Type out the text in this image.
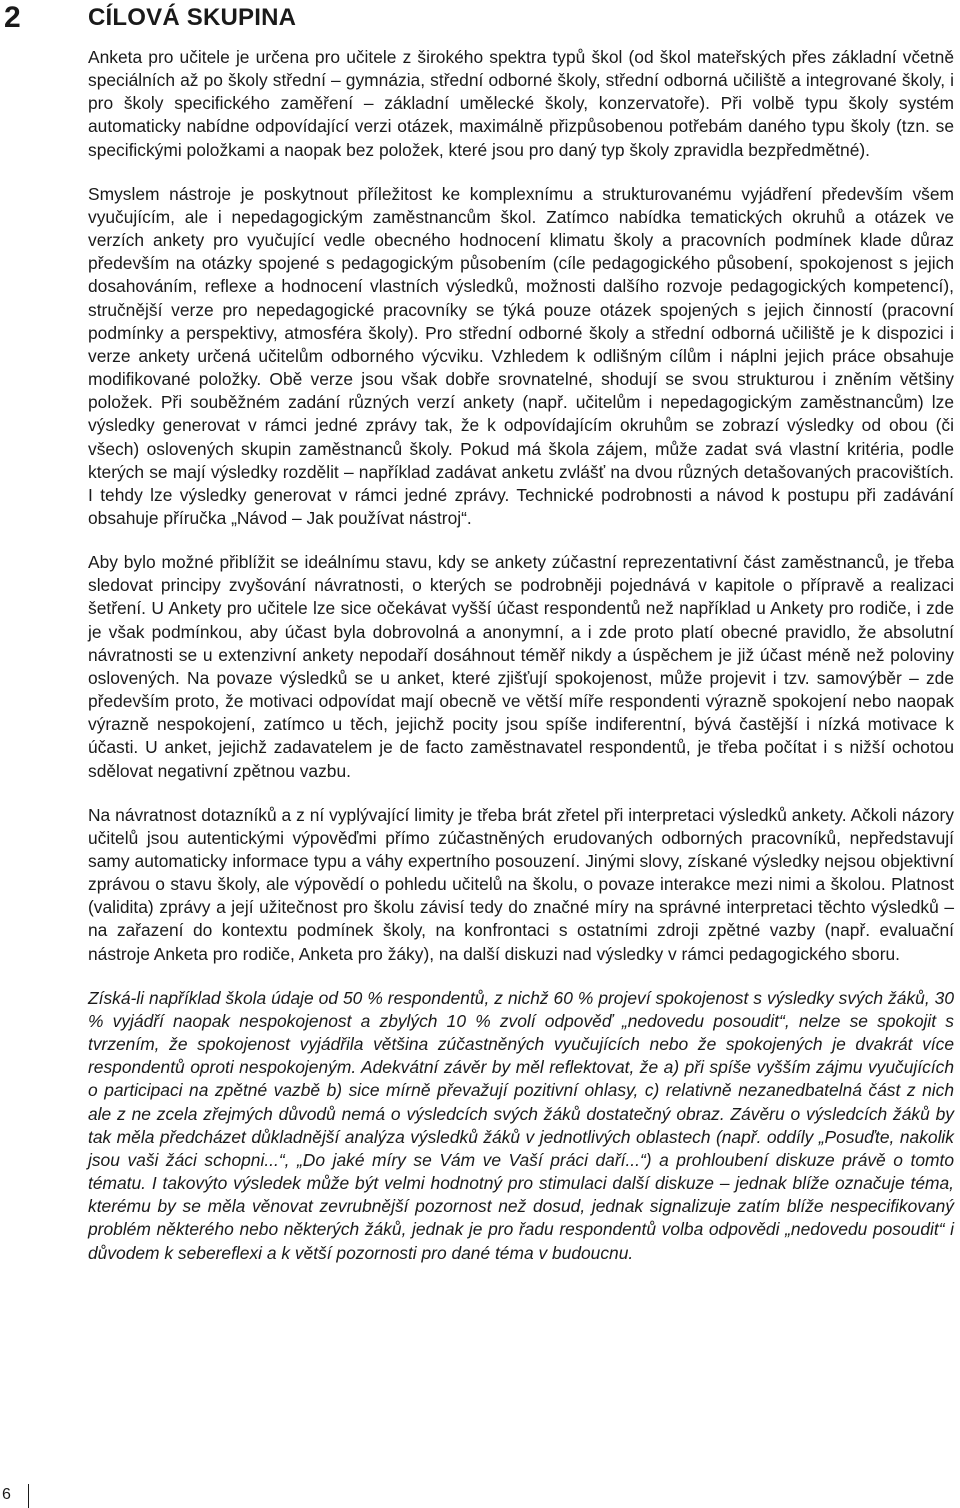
2	CÍLOVÁ SKUPINA

Anketa pro učitele je určena pro učitele z širokého spektra typů škol (od škol mateřských přes základní včetně speciálních až po školy střední – gymnázia, střední odborné školy, střední odborná učiliště a integrované školy, i pro školy specifického zaměření – základní umělecké školy, konzervatoře). Při volbě typu školy systém automaticky nabídne odpovídající verzi otázek, maximálně přizpůsobenou potřebám daného typu školy (tzn. se specifickými položkami a naopak bez položek, které jsou pro daný typ školy zpravidla bezpředmětné).

Smyslem nástroje je poskytnout příležitost ke komplexnímu a strukturovanému vyjádření především všem vyučujícím, ale i nepedagogickým zaměstnancům škol. Zatímco nabídka tematických okruhů a otázek ve verzích ankety pro vyučující vedle obecného hodnocení klimatu školy a pracovních podmínek klade důraz především na otázky spojené s pedagogickým působením (cíle pedagogického působení, spokojenost s jejich dosahováním, reflexe a hodnocení vlastních výsledků, možnosti dalšího rozvoje pedagogických kompetencí), stručnější verze pro nepedagogické pracovníky se týká pouze otázek spojených s jejich činností (pracovní podmínky a perspektivy, atmosféra školy). Pro střední odborné školy a střední odborná učiliště je k dispozici i verze ankety určená učitelům odborného výcviku. Vzhledem k odlišným cílům i náplni jejich práce obsahuje modifikované položky. Obě verze jsou však dobře srovnatelné, shodují se svou strukturou i zněním většiny položek. Při souběžném zadání různých verzí ankety (např. učitelům i nepedagogickým zaměstnancům) lze výsledky generovat v rámci jedné zprávy tak, že k odpovídajícím okruhům se zobrazí výsledky od obou (či všech) oslovených skupin zaměstnanců školy. Pokud má škola zájem, může zadat svá vlastní kritéria, podle kterých se mají výsledky rozdělit – například zadávat anketu zvlášť na dvou různých detašovaných pracovištích. I tehdy lze výsledky generovat v rámci jedné zprávy. Technické podrobnosti a návod k postupu při zadávání obsahuje příručka „Návod – Jak používat nástroj“.

Aby bylo možné přiblížit se ideálnímu stavu, kdy se ankety zúčastní reprezentativní část zaměstnanců, je třeba sledovat principy zvyšování návratnosti, o kterých se podrobněji pojednává v kapitole o přípravě a realizaci šetření. U Ankety pro učitele lze sice očekávat vyšší účast respondentů než například u Ankety pro rodiče, i zde je však podmínkou, aby účast byla dobrovolná a anonymní, a i zde proto platí obecné pravidlo, že absolutní návratnosti se u extenzivní ankety nepodaří dosáhnout téměř nikdy a úspěchem je již účast méně než poloviny oslovených. Na povaze výsledků se u anket, které zjišťují spokojenost, může projevit i tzv. samovýběr – zde především proto, že motivaci odpovídat mají obecně ve větší míře respondenti výrazně spokojení nebo naopak výrazně nespokojení, zatímco u těch, jejichž pocity jsou spíše indiferentní, bývá častější i nízká motivace k účasti. U anket, jejichž zadavatelem je de facto zaměstnavatel respondentů, je třeba počítat i s nižší ochotou sdělovat negativní zpětnou vazbu.

Na návratnost dotazníků a z ní vyplývající limity je třeba brát zřetel při interpretaci výsledků ankety. Ačkoli názory učitelů jsou autentickými výpověďmi přímo zúčastněných erudovaných odborných pracovníků, nepředstavují samy automaticky informace typu a váhy expertního posouzení. Jinými slovy, získané výsledky nejsou objektivní zprávou o stavu školy, ale výpovědí o pohledu učitelů na školu, o povaze interakce mezi nimi a školou. Platnost (validita) zprávy a její užitečnost pro školu závisí tedy do značné míry na správné interpretaci těchto výsledků – na zařazení do kontextu podmínek školy, na konfrontaci s ostatními zdroji zpětné vazby (např. evaluační nástroje Anketa pro rodiče, Anketa pro žáky), na další diskuzi nad výsledky v rámci pedagogického sboru.

Získá-li například škola údaje od 50 % respondentů, z nichž 60 % projeví spokojenost s výsledky svých žáků, 30 % vyjádří naopak nespokojenost a zbylých 10 % zvolí odpověď „nedovedu posoudit“, nelze se spokojit s tvrzením, že spokojenost vyjádřila většina zúčastněných vyučujících nebo že spokojených je dvakrát více respondentů oproti nespokojeným. Adekvátní závěr by měl reflektovat, že a) při spíše vyšším zájmu vyučujících o participaci na zpětné vazbě b) sice mírně převažují pozitivní ohlasy, c) relativně nezanedbatelná část z nich ale z ne zcela zřejmých důvodů nemá o výsledcích svých žáků dostatečný obraz. Závěru o výsledcích žáků by tak měla předcházet důkladnější analýza výsledků žáků v jednotlivých oblastech (např. oddíly „Posuďte, nakolik jsou vaši žáci schopni...“, „Do jaké míry se Vám ve Vaší práci daří...“) a prohloubení diskuze právě o tomto tématu. I takovýto výsledek může být velmi hodnotný pro stimulaci další diskuze – jednak blíže označuje téma, kterému by se měla věnovat zevrubnější pozornost než dosud, jednak signalizuje zatím blíže nespecifikovaný problém některého nebo některých žáků, jednak je pro řadu respondentů volba odpovědi „nedovedu posoudit“ i důvodem k sebereflexi a k větší pozornosti pro dané téma v budoucnu.

6
